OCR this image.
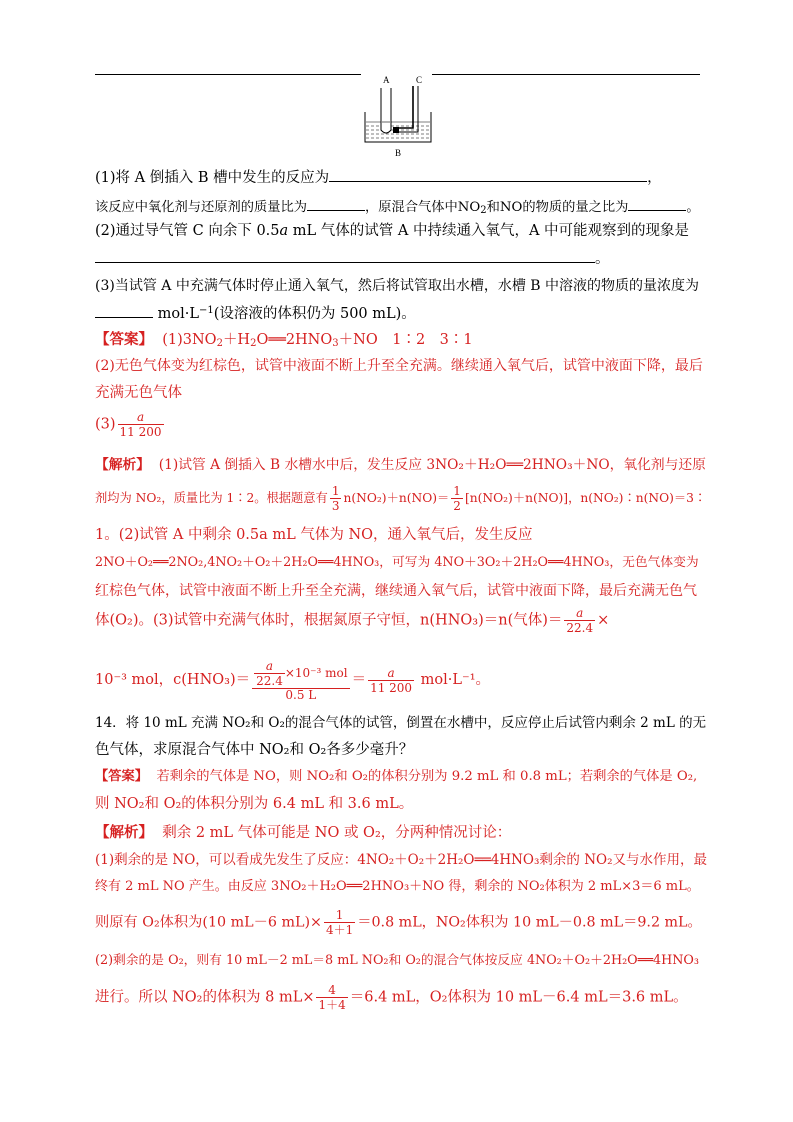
A	C
B
(1)将 A 倒插入 B 槽中发生的反应为	，
该反应中氧化剂与还原剂的质量比为	，原混合气体中$NO_2$和NO的物质的量之比为	。
(2)通过导气管 C 向余下 0.5a mL 气体的试管 A 中持续通入氧气，A 中可能观察到的现象是
。
(3)当试管 A 中充满气体时停止通入氧气，然后将试管取出水槽，水槽 B 中溶液的物质的量浓度为
$mol\cdot L^{-1}$(设溶液的体积仍为 500 mL)。
【答案】 $(1)3NO_2+H_2O══2HNO_3+NO$　1∶2　3∶1
(2)无色气体变为红棕色，试管中液面不断上升至全充满。继续通入氧气后，试管中液面下降，最后
充满无色气体
$(3) \frac{a}{11 200}$
【解析】 (1)试管 A 倒插入 B 水槽水中后，发生反应 3NO₂＋H₂O══2HNO₃＋NO，氧化剂与还原
剂均为 NO₂，质量比为 1∶2。根据题意有 $\frac{1}{3} n(NO_2)+n(NO)= \frac{1}{2} [n(NO_2)+n(NO)]$，n(NO₂)∶n(NO)＝3∶
1。(2)试管 A 中剩余 0.5a mL 气体为 NO，通入氧气后，发生反应
2NO＋O₂══2NO₂,4NO₂＋O₂＋2H₂O══4HNO₃，可写为 4NO＋3O₂＋2H₂O══4HNO₃，无色气体变为
红棕色气体，试管中液面不断上升至全充满，继续通入氧气后，试管中液面下降，最后充满无色气
体(O₂)。(3)试管中充满气体时，根据氮原子守恒，n(HNO₃)＝n(气体)＝ $\frac{a}{22.4}$ ×
10⁻³ mol，$c(HNO_3)= \frac{\frac{a}{22.4} \times 10^{-3} mol}{0.5 L} = \frac{a}{11 200} mol\cdot L^{-1}$。
14．将 10 mL 充满 NO₂和 O₂的混合气体的试管，倒置在水槽中，反应停止后试管内剩余 2 mL 的无
色气体，求原混合气体中 NO₂和 O₂各多少毫升？
【答案】 若剩余的气体是 NO，则 NO₂和 O₂的体积分别为 9.2 mL 和 0.8 mL；若剩余的气体是 O₂,
则 NO₂和 O₂的体积分别为 6.4 mL 和 3.6 mL。
【解析】 剩余 2 mL 气体可能是 NO 或 O₂，分两种情况讨论：
(1)剩余的是 NO，可以看成先发生了反应：4NO₂＋O₂＋2H₂O══4HNO₃剩余的 NO₂又与水作用，最
终有 2 mL NO 产生。由反应 3NO₂＋H₂O══2HNO₃＋NO 得，剩余的 NO₂体积为 2 mL×3＝6 mL。
则原有 O₂体积为(10 mL－6 $mL)\times \frac{1}{4+1} =0.8$ mL，NO₂体积为 10 mL－0.8 mL＝9.2 mL。
(2)剩余的是 O₂，则有 10 mL－2 mL＝8 mL NO₂和 O₂的混合气体按反应 4NO₂＋O₂＋2H₂O══4HNO₃
进行。所以 NO₂的体积为 8 $mL\times \frac{4}{1+4} =6.4$ mL，O₂体积为 10 mL－6.4 mL＝3.6 mL。
